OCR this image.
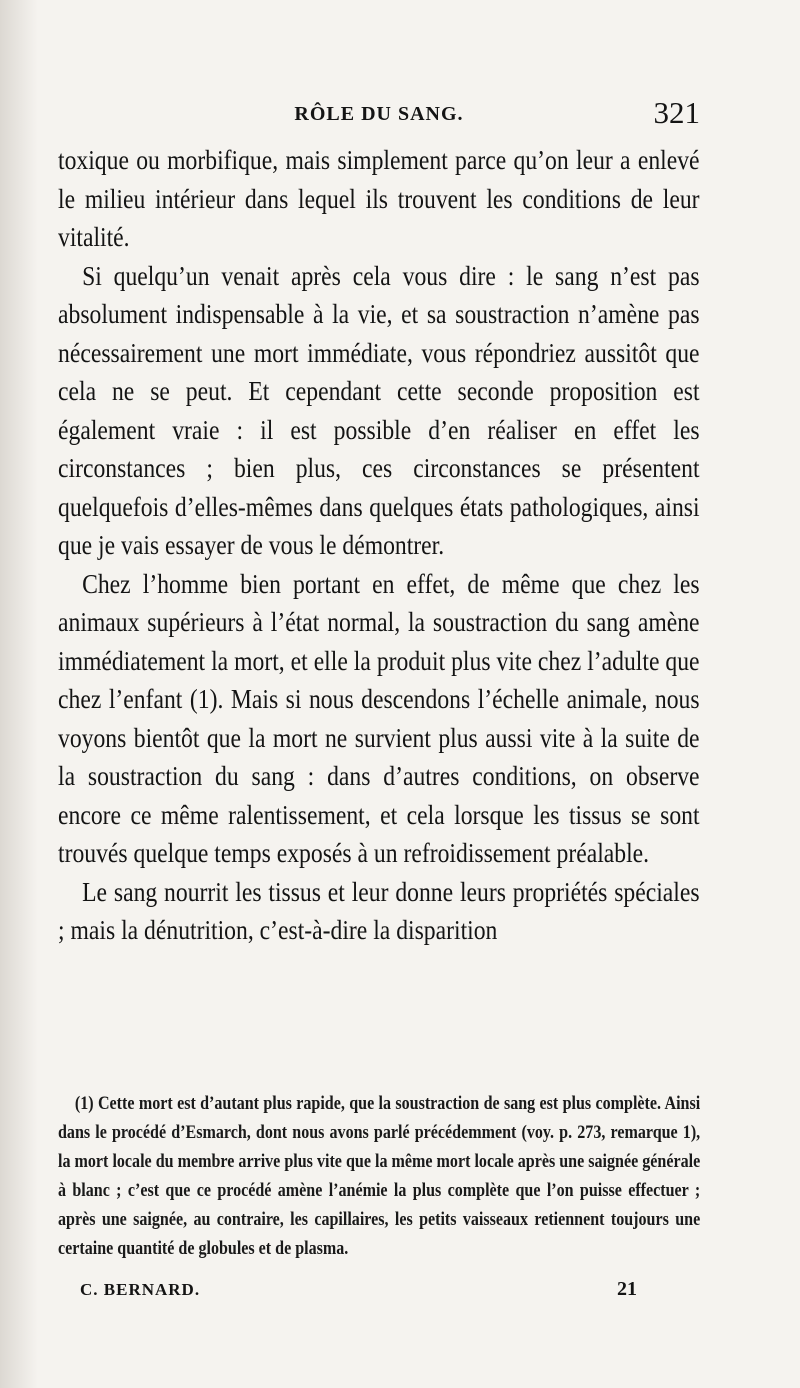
RÔLE DU SANG.	321

toxique ou morbifique, mais simplement parce qu’on leur a enlevé le milieu intérieur dans lequel ils trouvent les conditions de leur vitalité.

Si quelqu’un venait après cela vous dire : le sang n’est pas absolument indispensable à la vie, et sa soustraction n’amène pas nécessairement une mort immédiate, vous répondriez aussitôt que cela ne se peut. Et cependant cette seconde proposition est également vraie : il est possible d’en réaliser en effet les circonstances ; bien plus, ces circonstances se présentent quelquefois d’elles-mêmes dans quelques états pathologiques, ainsi que je vais essayer de vous le démontrer.

Chez l’homme bien portant en effet, de même que chez les animaux supérieurs à l’état normal, la soustraction du sang amène immédiatement la mort, et elle la produit plus vite chez l’adulte que chez l’enfant (1). Mais si nous descendons l’échelle animale, nous voyons bientôt que la mort ne survient plus aussi vite à la suite de la soustraction du sang : dans d’autres conditions, on observe encore ce même ralentissement, et cela lorsque les tissus se sont trouvés quelque temps exposés à un refroidissement préalable.

Le sang nourrit les tissus et leur donne leurs propriétés spéciales ; mais la dénutrition, c’est-à-dire la disparition

(1) Cette mort est d’autant plus rapide, que la soustraction de sang est plus complète. Ainsi dans le procédé d’Esmarch, dont nous avons parlé précédemment (voy. p. 273, remarque 1), la mort locale du membre arrive plus vite que la même mort locale après une saignée générale à blanc ; c’est que ce procédé amène l’anémie la plus complète que l’on puisse effectuer ; après une saignée, au contraire, les capillaires, les petits vaisseaux retiennent toujours une certaine quantité de globules et de plasma.

C. BERNARD.	21
